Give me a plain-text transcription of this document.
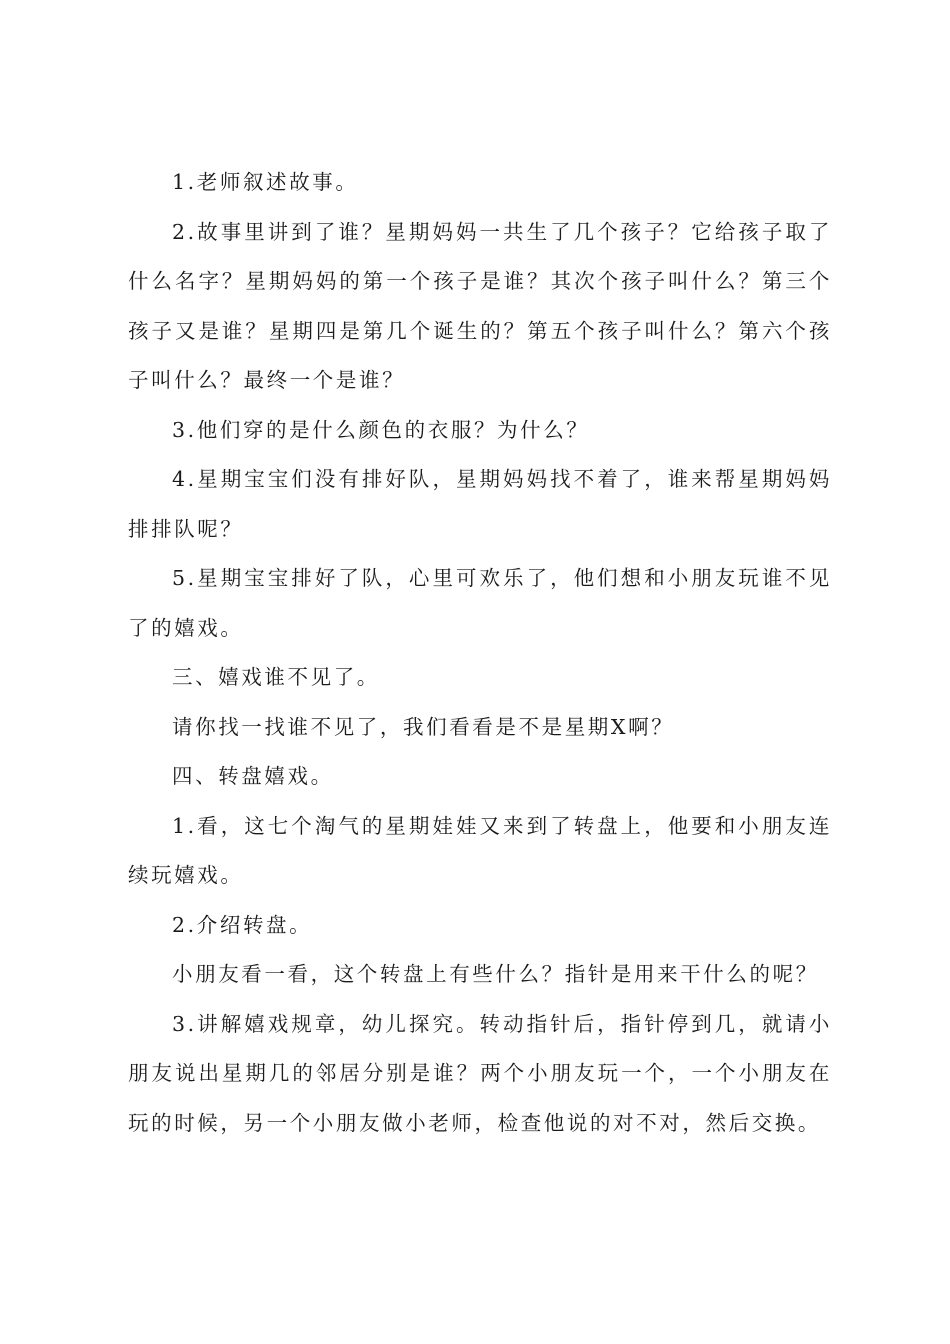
1.老师叙述故事。

2.故事里讲到了谁？星期妈妈一共生了几个孩子？它给孩子取了什么名字？星期妈妈的第一个孩子是谁？其次个孩子叫什么？第三个孩子又是谁？星期四是第几个诞生的？第五个孩子叫什么？第六个孩子叫什么？最终一个是谁？

3.他们穿的是什么颜色的衣服？为什么？

4.星期宝宝们没有排好队，星期妈妈找不着了，谁来帮星期妈妈排排队呢？

5.星期宝宝排好了队，心里可欢乐了，他们想和小朋友玩谁不见了的嬉戏。

三、嬉戏谁不见了。

请你找一找谁不见了，我们看看是不是星期X啊？

四、转盘嬉戏。

1.看，这七个淘气的星期娃娃又来到了转盘上，他要和小朋友连续玩嬉戏。

2.介绍转盘。

小朋友看一看，这个转盘上有些什么？指针是用来干什么的呢？

3.讲解嬉戏规章，幼儿探究。转动指针后，指针停到几，就请小朋友说出星期几的邻居分别是谁？两个小朋友玩一个，一个小朋友在玩的时候，另一个小朋友做小老师，检查他说的对不对，然后交换。
